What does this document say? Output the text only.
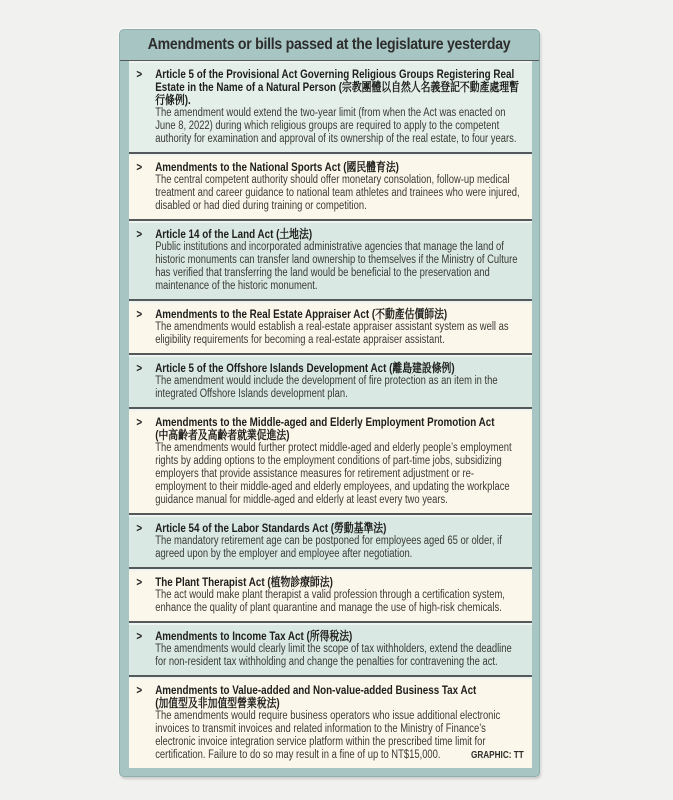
Amendments or bills passed at the legislature yesterday
> Article 5 of the Provisional Act Governing Religious Groups Registering Real Estate in the Name of a Natural Person (宗教團體以自然人名義登記不動產處理暫行條例).

The amendment would extend the two-year limit (from when the Act was enacted on June 8, 2022) during which religious groups are required to apply to the competent authority for examination and approval of its ownership of the real estate, to four years.

> Amendments to the National Sports Act (國民體育法)

The central competent authority should offer monetary consolation, follow-up medical treatment and career guidance to national team athletes and trainees who were injured, disabled or had died during training or competition.

> Article 14 of the Land Act (土地法)

Public institutions and incorporated administrative agencies that manage the land of historic monuments can transfer land ownership to themselves if the Ministry of Culture has verified that transferring the land would be beneficial to the preservation and maintenance of the historic monument.

> Amendments to the Real Estate Appraiser Act (不動產估價師法)

The amendments would establish a real-estate appraiser assistant system as well as eligibility requirements for becoming a real-estate appraiser assistant.

> Article 5 of the Offshore Islands Development Act (離島建設條例)

The amendment would include the development of fire protection as an item in the integrated Offshore Islands development plan.

> Amendments to the Middle-aged and Elderly Employment Promotion Act
(中高齡者及高齡者就業促進法)

The amendments would further protect middle-aged and elderly people’s employment rights by adding options to the employment conditions of part-time jobs, subsidizing employers that provide assistance measures for retirement adjustment or re-employment to their middle-aged and elderly employees, and updating the workplace guidance manual for middle-aged and elderly at least every two years.

> Article 54 of the Labor Standards Act (勞動基準法)

The mandatory retirement age can be postponed for employees aged 65 or older, if agreed upon by the employer and employee after negotiation.

> The Plant Therapist Act (植物診療師法)

The act would make plant therapist a valid profession through a certification system, enhance the quality of plant quarantine and manage the use of high-risk chemicals.

> Amendments to Income Tax Act (所得稅法)

The amendments would clearly limit the scope of tax withholders, extend the deadline for non-resident tax withholding and change the penalties for contravening the act.

> Amendments to Value-added and Non-value-added Business Tax Act
(加值型及非加值型營業稅法)

The amendments would require business operators who issue additional electronic invoices to transmit invoices and related information to the Ministry of Finance’s electronic invoice integration service platform within the prescribed time limit for certification. Failure to do so may result in a fine of up to NT$15,000.	GRAPHIC: TT
